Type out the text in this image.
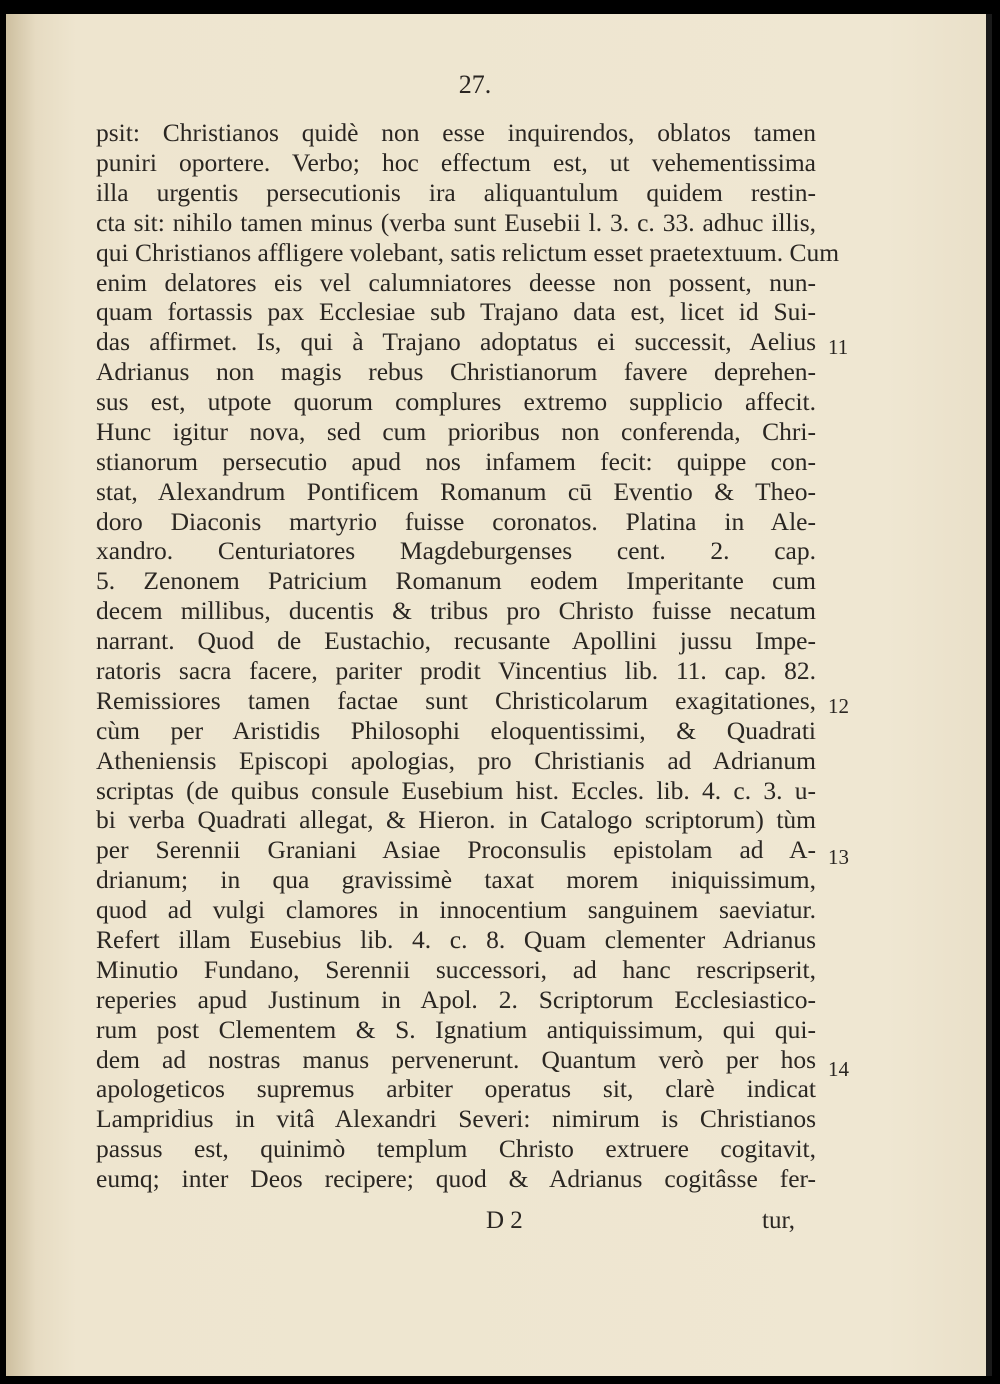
27.
psit: Christianos quidè non esse inquirendos, oblatos tamen
puniri oportere. Verbo; hoc effectum est, ut vehementissima
illa urgentis persecutionis ira aliquantulum quidem restin-
cta sit: nihilo tamen minus (verba sunt Eusebii l. 3. c. 33. adhuc illis,
qui Christianos affligere volebant, satis relictum esset praetextuum. Cum
enim delatores eis vel calumniatores deesse non possent, nun-
quam fortassis pax Ecclesiae sub Trajano data est, licet id Sui-
das affirmet. Is, qui à Trajano adoptatus ei successit, Aelius
Adrianus non magis rebus Christianorum favere deprehen-
sus est, utpote quorum complures extremo supplicio affecit.
Hunc igitur nova, sed cum prioribus non conferenda, Chri-
stianorum persecutio apud nos infamem fecit: quippe con-
stat, Alexandrum Pontificem Romanum cū Eventio & Theo-
doro Diaconis martyrio fuisse coronatos. Platina in Ale-
xandro. Centuriatores Magdeburgenses cent. 2. cap.
5. Zenonem Patricium Romanum eodem Imperitante cum
decem millibus, ducentis & tribus pro Christo fuisse necatum
narrant. Quod de Eustachio, recusante Apollini jussu Impe-
ratoris sacra facere, pariter prodit Vincentius lib. 11. cap. 82.
Remissiores tamen factae sunt Christicolarum exagitationes,
cùm per Aristidis Philosophi eloquentissimi, & Quadrati
Atheniensis Episcopi apologias, pro Christianis ad Adrianum
scriptas (de quibus consule Eusebium hist. Eccles. lib. 4. c. 3. u-
bi verba Quadrati allegat, & Hieron. in Catalogo scriptorum) tùm
per Serennii Graniani Asiae Proconsulis epistolam ad A-
drianum; in qua gravissimè taxat morem iniquissimum,
quod ad vulgi clamores in innocentium sanguinem saeviatur.
Refert illam Eusebius lib. 4. c. 8. Quam clementer Adrianus
Minutio Fundano, Serennii successori, ad hanc rescripserit,
reperies apud Justinum in Apol. 2. Scriptorum Ecclesiastico-
rum post Clementem & S. Ignatium antiquissimum, qui qui-
dem ad nostras manus pervenerunt. Quantum verò per hos
apologeticos supremus arbiter operatus sit, clarè indicat
Lampridius in vitâ Alexandri Severi: nimirum is Christianos
passus est, quinimò templum Christo extruere cogitavit,
eumq; inter Deos recipere; quod & Adrianus cogitâsse fer-
11
12
13
14
D 2	tur,
